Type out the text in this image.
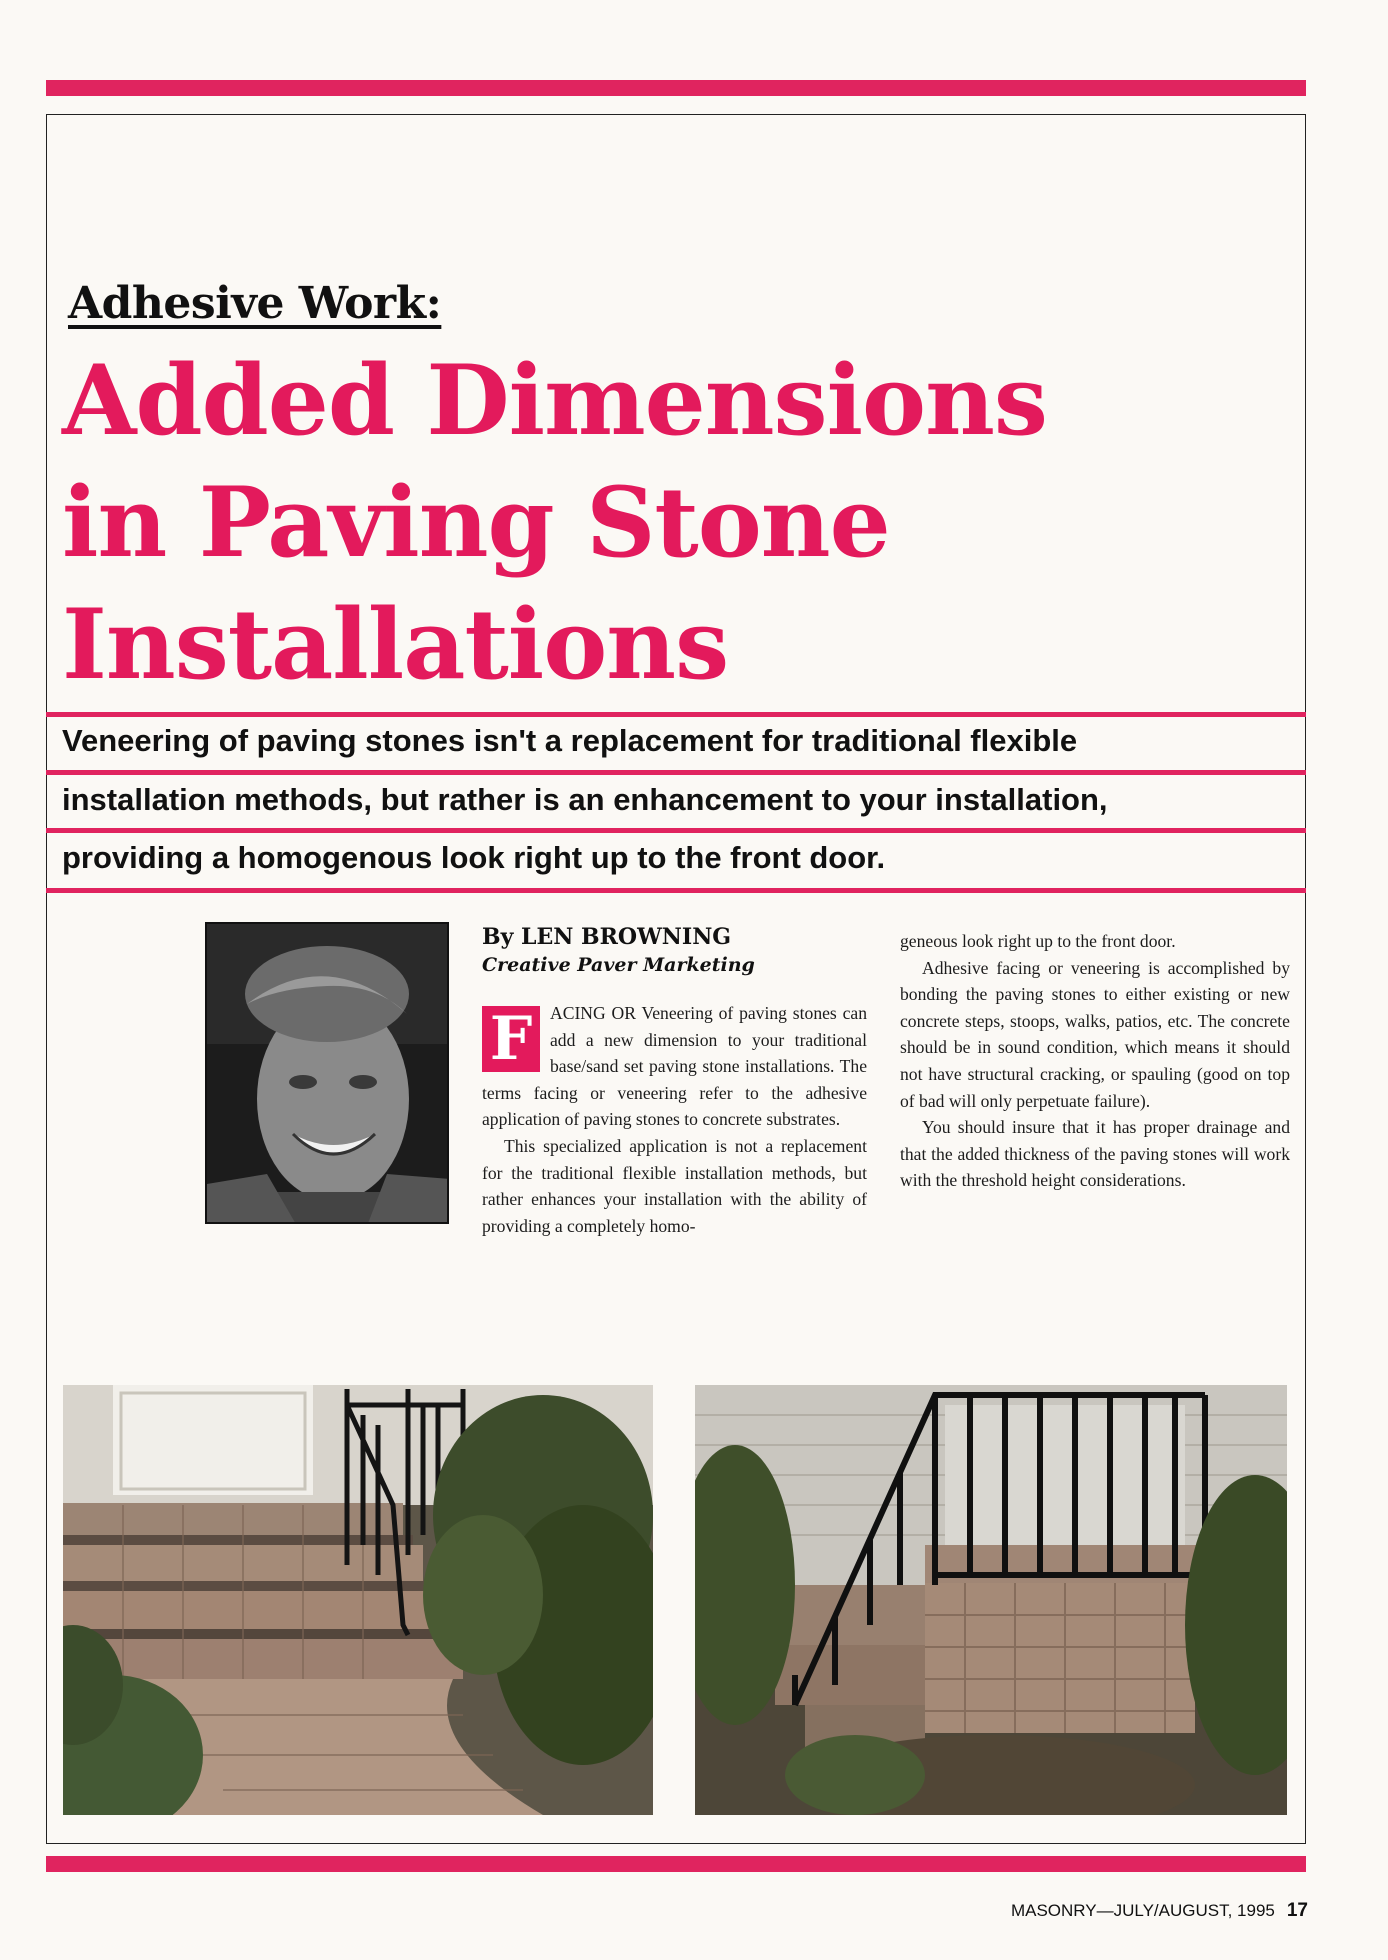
Adhesive Work:
Added Dimensions
in Paving Stone
Installations
Veneering of paving stones isn't a replacement for traditional flexible
installation methods, but rather is an enhancement to your installation,
providing a homogenous look right up to the front door.
By LEN BROWNING
Creative Paver Marketing

F	ACING OR Veneering of paving stones can add a new dimension to your traditional base/sand set paving stone installations. The terms facing or veneering refer to the adhesive application of paving stones to concrete substrates.

This specialized application is not a replacement for the traditional flexible installation methods, but rather enhances your installation with the ability of providing a completely homo-

geneous look right up to the front door.

Adhesive facing or veneering is accomplished by bonding the paving stones to either existing or new concrete steps, stoops, walks, patios, etc. The concrete should be in sound condition, which means it should not have structural cracking, or spauling (good on top of bad will only perpetuate failure).

You should insure that it has proper drainage and that the added thickness of the paving stones will work with the threshold height considerations.

MASONRY—JULY/AUGUST, 1995 17
